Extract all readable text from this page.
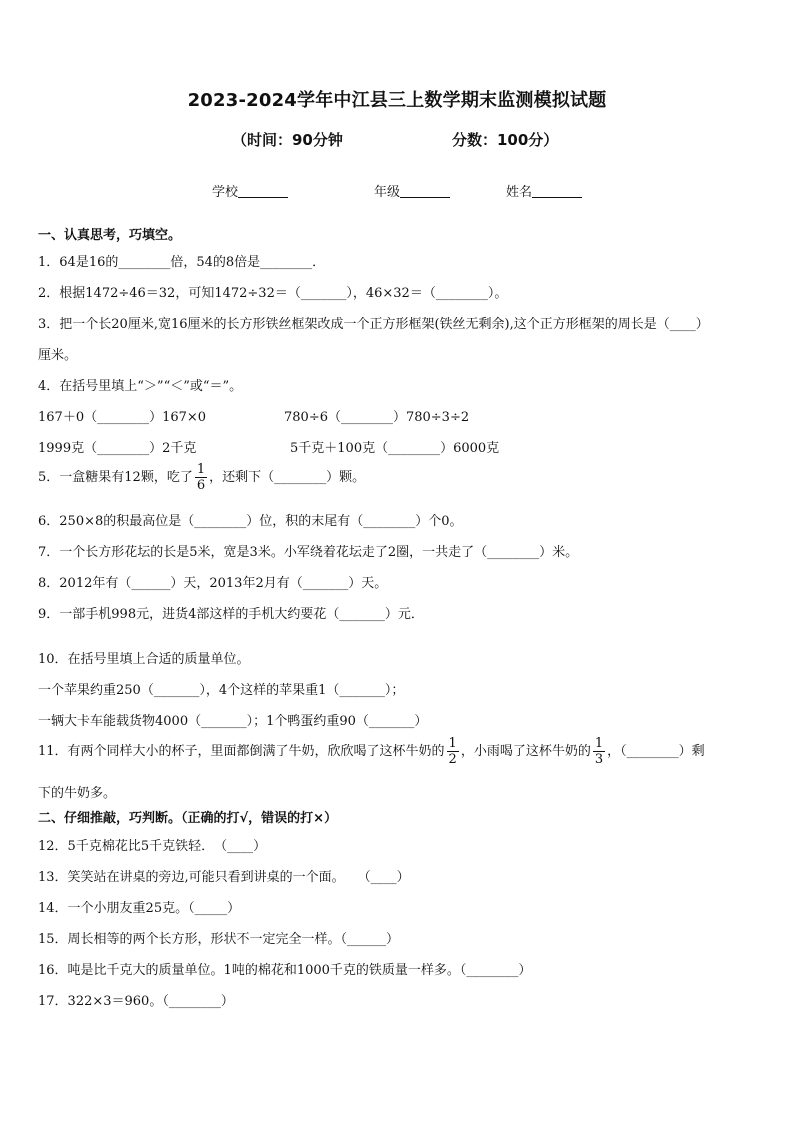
2023-2024学年中江县三上数学期末监测模拟试题
（时间：90分钟	分数：100分）
学校	年级	姓名
一、认真思考，巧填空。
1．64是16的________倍，54的8倍是________．
2．根据1472÷46＝32，可知1472÷32＝（_______），46×32＝（________）。
3．把一个长20厘米,宽16厘米的长方形铁丝框架改成一个正方形框架(铁丝无剩余),这个正方形框架的周长是（____）
厘米。
4．在括号里填上“＞”“＜”或“＝”。
167＋0（________）167×0	780÷6（________）780÷3÷2
1999克（________）2千克	5千克＋100克（________）6000克
5．一盒糖果有12颗，吃了 $\frac{1}{6}$ ，还剩下（________）颗。
6．250×8的积最高位是（________）位，积的末尾有（________）个0。
7．一个长方形花坛的长是5米，宽是3米。小军绕着花坛走了2圈，一共走了（________）米。
8．2012年有（______）天，2013年2月有（_______）天。
9．一部手机998元，进货4部这样的手机大约要花（_______）元．
10．在括号里填上合适的质量单位。
一个苹果约重250（_______），4个这样的苹果重1（_______）；
一辆大卡车能载货物4000（_______）；1个鸭蛋约重90（_______）
11．有两个同样大小的杯子，里面都倒满了牛奶，欣欣喝了这杯牛奶的 $\frac{1}{2}$ ，小雨喝了这杯牛奶的 $\frac{1}{3}$ ，（________）剩
下的牛奶多。
二、仔细推敲，巧判断。（正确的打√，错误的打×）
12．5千克棉花比5千克铁轻．　（____）
13．笑笑站在讲桌的旁边,可能只看到讲桌的一个面。　　（____）
14．一个小朋友重25克。（_____）
15．周长相等的两个长方形，形状不一定完全一样。（______）
16．吨是比千克大的质量单位。1吨的棉花和1000千克的铁质量一样多。（________）
17．322×3＝960。（________）
